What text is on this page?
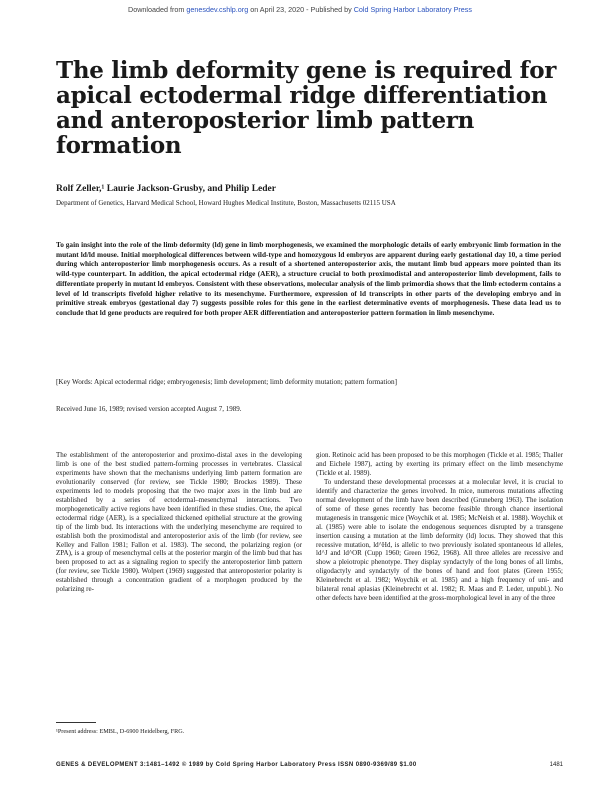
Downloaded from genesdev.cshlp.org on April 23, 2020 - Published by Cold Spring Harbor Laboratory Press
The limb deformity gene is required for apical ectodermal ridge differentiation and anteroposterior limb pattern formation
Rolf Zeller,¹ Laurie Jackson-Grusby, and Philip Leder
Department of Genetics, Harvard Medical School, Howard Hughes Medical Institute, Boston, Massachusetts 02115 USA

To gain insight into the role of the limb deformity (ld) gene in limb morphogenesis, we examined the morphologic details of early embryonic limb formation in the mutant ld/ld mouse. Initial morphological differences between wild-type and homozygous ld embryos are apparent during early gestational day 10, a time period during which anteroposterior limb morphogenesis occurs. As a result of a shortened anteroposterior axis, the mutant limb bud appears more pointed than its wild-type counterpart. In addition, the apical ectodermal ridge (AER), a structure crucial to both proximodistal and anteroposterior limb development, fails to differentiate properly in mutant ld embryos. Consistent with these observations, molecular analysis of the limb primordia shows that the limb ectoderm contains a level of ld transcripts fivefold higher relative to its mesenchyme. Furthermore, expression of ld transcripts in other parts of the developing embryo and in primitive streak embryos (gestational day 7) suggests possible roles for this gene in the earliest determinative events of morphogenesis. These data lead us to conclude that ld gene products are required for both proper AER differentiation and anteroposterior pattern formation in limb mesenchyme.

[Key Words: Apical ectodermal ridge; embryogenesis; limb development; limb deformity mutation; pattern formation]

Received June 16, 1989; revised version accepted August 7, 1989.

The establishment of the anteroposterior and proximo-distal axes in the developing limb is one of the best studied pattern-forming processes in vertebrates. Classical experiments have shown that the mechanisms underlying limb pattern formation are evolutionarily conserved (for review, see Tickle 1980; Brockes 1989). These experiments led to models proposing that the two major axes in the limb bud are established by a series of ectodermal–mesenchymal interactions. Two morphogenetically active regions have been identified in these studies. One, the apical ectodermal ridge (AER), is a specialized thickened epithelial structure at the growing tip of the limb bud. Its interactions with the underlying mesenchyme are required to establish both the proximodistal and anteroposterior axis of the limb (for review, see Kelley and Fallon 1981; Fallon et al. 1983). The second, the polarizing region (or ZPA), is a group of mesenchymal cells at the posterior margin of the limb bud that has been proposed to act as a signaling region to specify the anteroposterior limb pattern (for review, see Tickle 1980). Wolpert (1969) suggested that anteroposterior polarity is established through a concentration gradient of a morphogen produced by the polarizing re-

gion. Retinoic acid has been proposed to be this morphogen (Tickle et al. 1985; Thaller and Eichele 1987), acting by exerting its primary effect on the limb mesenchyme (Tickle et al. 1989).

To understand these developmental processes at a molecular level, it is crucial to identify and characterize the genes involved. In mice, numerous mutations affecting normal development of the limb have been described (Gruneberg 1963). The isolation of some of these genes recently has become feasible through chance insertional mutagenesis in transgenic mice (Woychik et al. 1985; McNeish et al. 1988). Woychik et al. (1985) were able to isolate the endogenous sequences disrupted by a transgene insertion causing a mutation at the limb deformity (ld) locus. They showed that this recessive mutation, ld^Hd, is allelic to two previously isolated spontaneous ld alleles, ld^J and ld^OR (Cupp 1960; Green 1962, 1968). All three alleles are recessive and show a pleiotropic phenotype. They display syndactyly of the long bones of all limbs, oligodactyly and syndactyly of the bones of hand and foot plates (Green 1955; Kleinebrecht et al. 1982; Woychik et al. 1985) and a high frequency of uni- and bilateral renal aplasias (Kleinebrecht et al. 1982; R. Maas and P. Leder, unpubl.). No other defects have been identified at the gross-morphological level in any of the three

¹Present address: EMBL, D-6900 Heidelberg, FRG.
GENES & DEVELOPMENT 3:1481–1492 © 1989 by Cold Spring Harbor Laboratory Press ISSN 0890-9369/89 $1.00	1481
